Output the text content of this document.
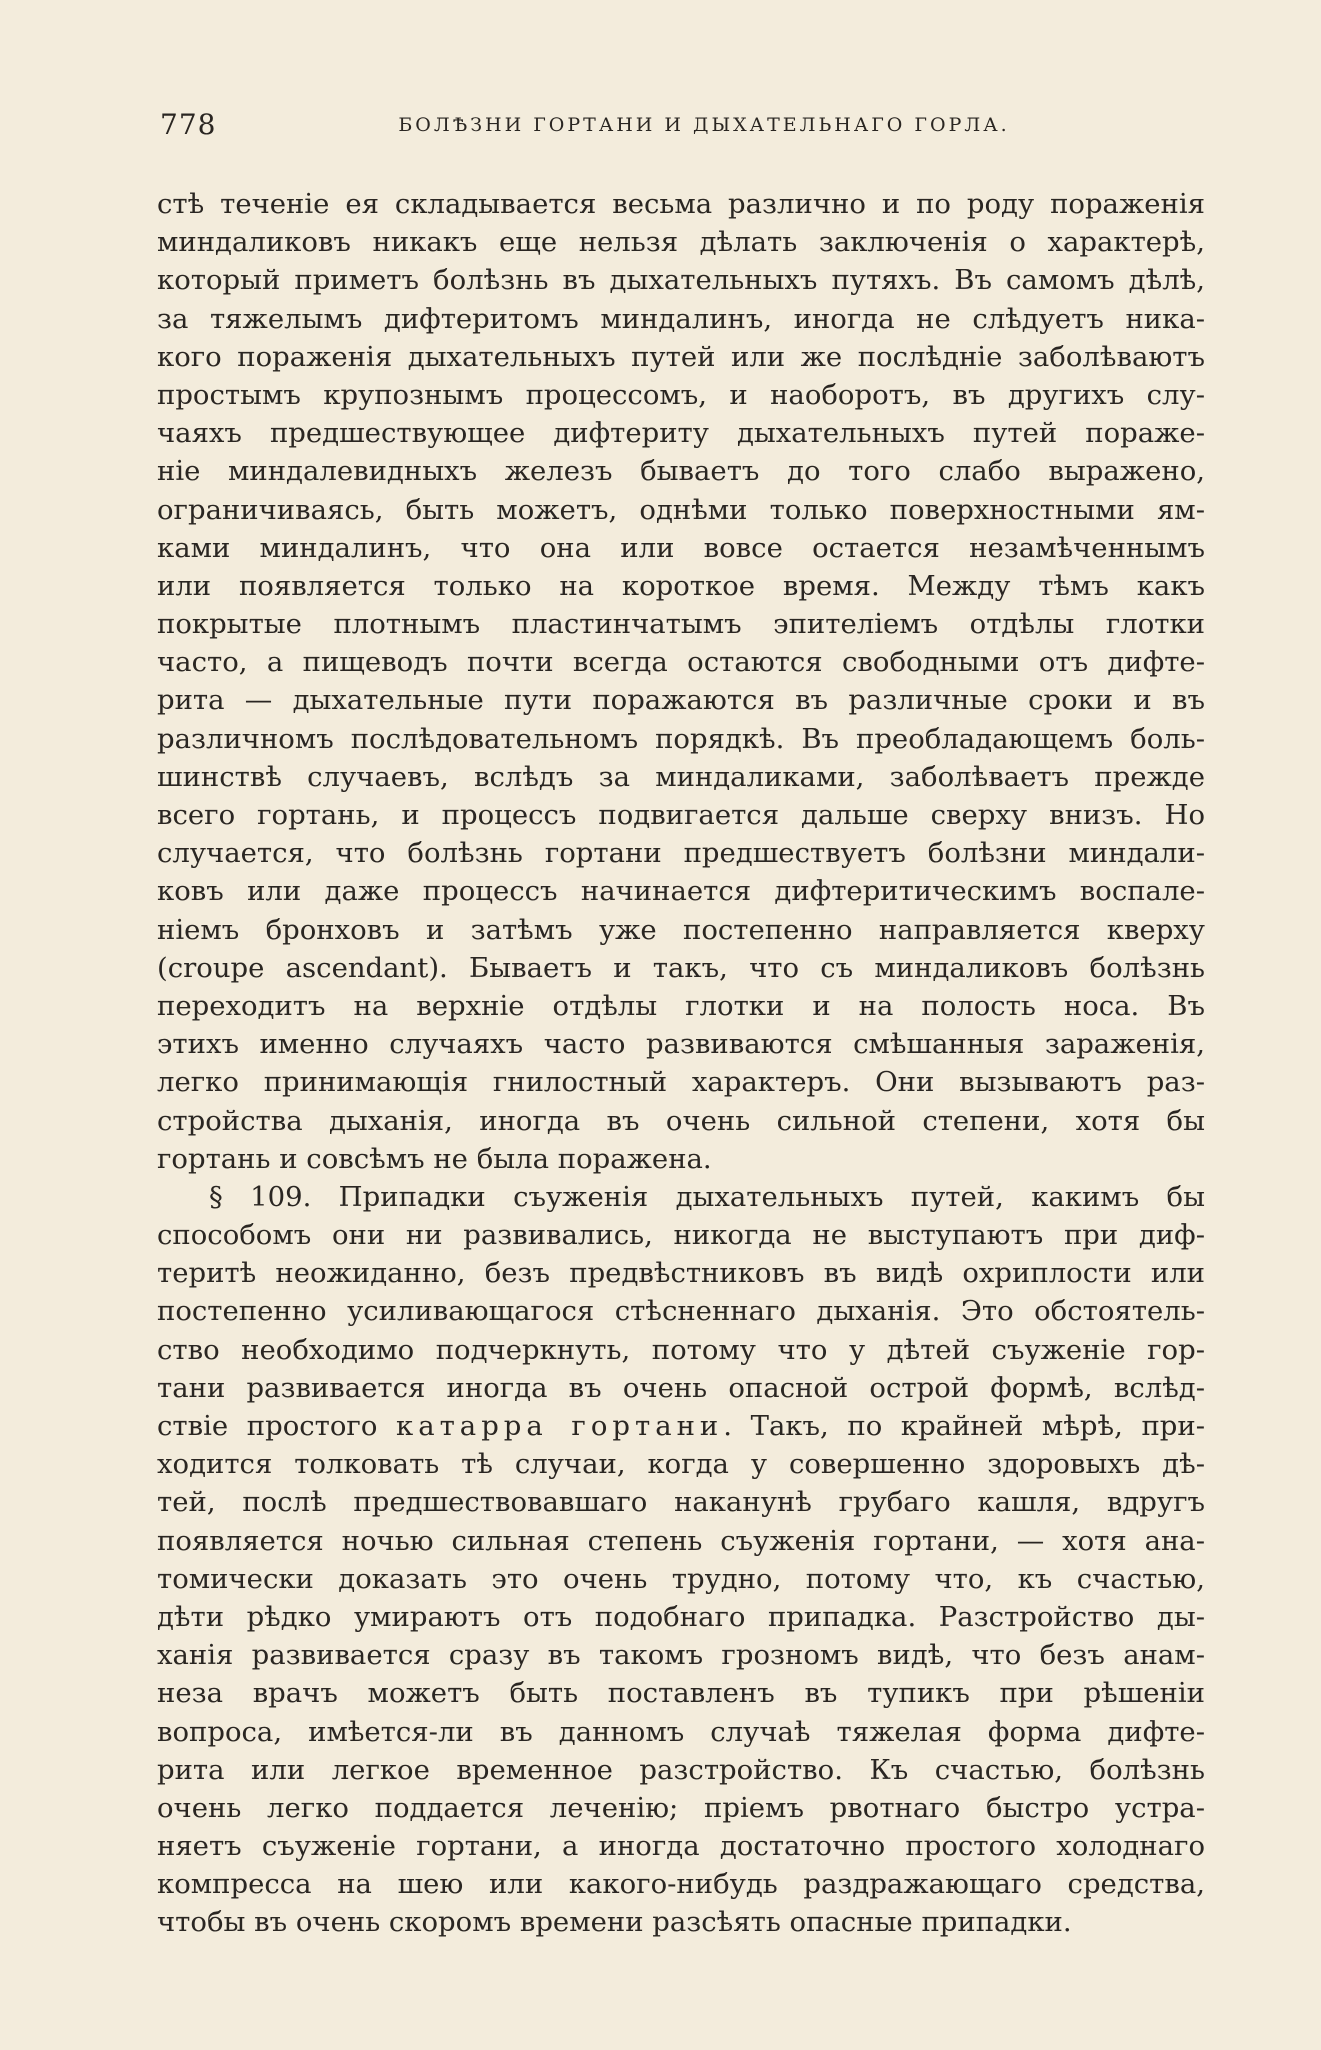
778	БОЛѢЗНИ ГОРТАНИ И ДЫХАТЕЛЬНАГО ГОРЛА.
стѣ теченіе ея складывается весьма различно и по роду пораженія
миндаликовъ никакъ еще нельзя дѣлать заключенія о характерѣ,
который приметъ болѣзнь въ дыхательныхъ путяхъ. Въ самомъ дѣлѣ,
за тяжелымъ дифтеритомъ миндалинъ, иногда не слѣдуетъ ника-
кого пораженія дыхательныхъ путей или же послѣдніе заболѣваютъ
простымъ крупознымъ процессомъ, и наоборотъ, въ другихъ слу-
чаяхъ предшествующее дифтериту дыхательныхъ путей пораже-
ніе миндалевидныхъ железъ бываетъ до того слабо выражено,
ограничиваясь, быть можетъ, однѣми только поверхностными ям-
ками миндалинъ, что она или вовсе остается незамѣченнымъ
или появляется только на короткое время. Между тѣмъ какъ
покрытые плотнымъ пластинчатымъ эпителіемъ отдѣлы глотки
часто, а пищеводъ почти всегда остаются свободными отъ дифте-
рита — дыхательные пути поражаются въ различные сроки и въ
различномъ послѣдовательномъ порядкѣ. Въ преобладающемъ боль-
шинствѣ случаевъ, вслѣдъ за миндаликами, заболѣваетъ прежде
всего гортань, и процессъ подвигается дальше сверху внизъ. Но
случается, что болѣзнь гортани предшествуетъ болѣзни миндали-
ковъ или даже процессъ начинается дифтеритическимъ воспале-
ніемъ бронховъ и затѣмъ уже постепенно направляется кверху
(croupe ascendant). Бываетъ и такъ, что съ миндаликовъ болѣзнь
переходитъ на верхніе отдѣлы глотки и на полость носа. Въ
этихъ именно случаяхъ часто развиваются смѣшанныя зараженія,
легко принимающія гнилостный характеръ. Они вызываютъ раз-
стройства дыханія, иногда въ очень сильной степени, хотя бы
гортань и совсѣмъ не была поражена.
§ 109. Припадки съуженія дыхательныхъ путей, какимъ бы
способомъ они ни развивались, никогда не выступаютъ при диф-
теритѣ неожиданно, безъ предвѣстниковъ въ видѣ охриплости или
постепенно усиливающагося стѣсненнаго дыханія. Это обстоятель-
ство необходимо подчеркнуть, потому что у дѣтей съуженіе гор-
тани развивается иногда въ очень опасной острой формѣ, вслѣд-
ствіе простого катарра гортани. Такъ, по крайней мѣрѣ, при-
ходится толковать тѣ случаи, когда у совершенно здоровыхъ дѣ-
тей, послѣ предшествовавшаго наканунѣ грубаго кашля, вдругъ
появляется ночью сильная степень съуженія гортани, — хотя ана-
томически доказать это очень трудно, потому что, къ счастью,
дѣти рѣдко умираютъ отъ подобнаго припадка. Разстройство ды-
ханія развивается сразу въ такомъ грозномъ видѣ, что безъ анам-
неза врачъ можетъ быть поставленъ въ тупикъ при рѣшеніи
вопроса, имѣется-ли въ данномъ случаѣ тяжелая форма дифте-
рита или легкое временное разстройство. Къ счастью, болѣзнь
очень легко поддается леченію; пріемъ рвотнаго быстро устра-
няетъ съуженіе гортани, а иногда достаточно простого холоднаго
компресса на шею или какого-нибудь раздражающаго средства,
чтобы въ очень скоромъ времени разсѣять опасные припадки.
